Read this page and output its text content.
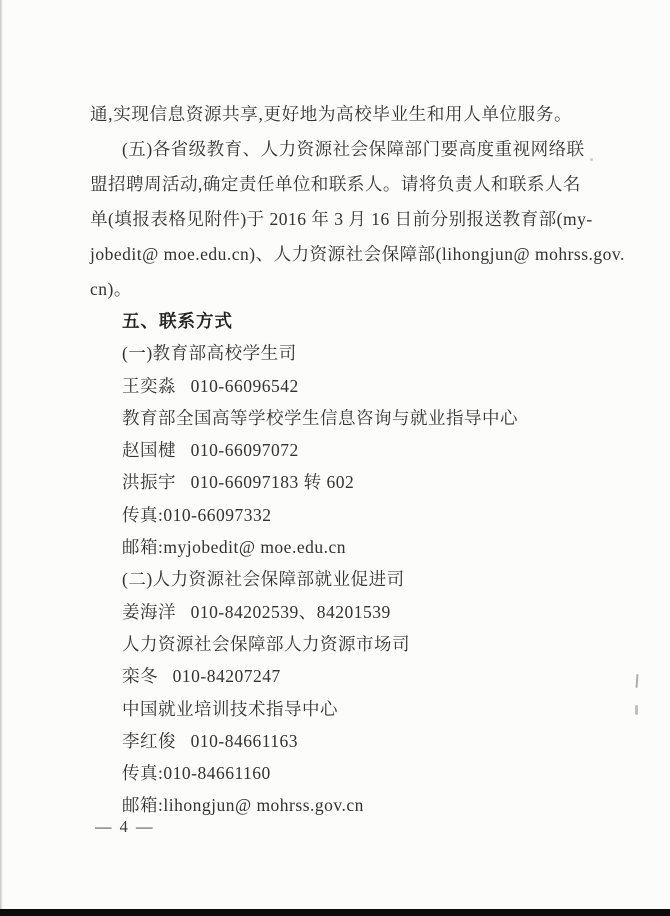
通,实现信息资源共享,更好地为高校毕业生和用人单位服务。
(五)各省级教育、人力资源社会保障部门要高度重视网络联
盟招聘周活动,确定责任单位和联系人。请将负责人和联系人名
单(填报表格见附件)于 2016 年 3 月 16 日前分别报送教育部(my-
jobedit@ moe.edu.cn)、人力资源社会保障部(lihongjun@ mohrss.gov.
cn)。
五、联系方式
(一)教育部高校学生司
王奕淼   010-66096542
教育部全国高等学校学生信息咨询与就业指导中心
赵国楗   010-66097072
洪振宇   010-66097183 转 602
传真:010-66097332
邮箱:myjobedit@ moe.edu.cn
(二)人力资源社会保障部就业促进司
姜海洋   010-84202539、84201539
人力资源社会保障部人力资源市场司
栾冬   010-84207247
中国就业培训技术指导中心
李红俊   010-84661163
传真:010-84661160
邮箱:lihongjun@ mohrss.gov.cn
— 4 —
